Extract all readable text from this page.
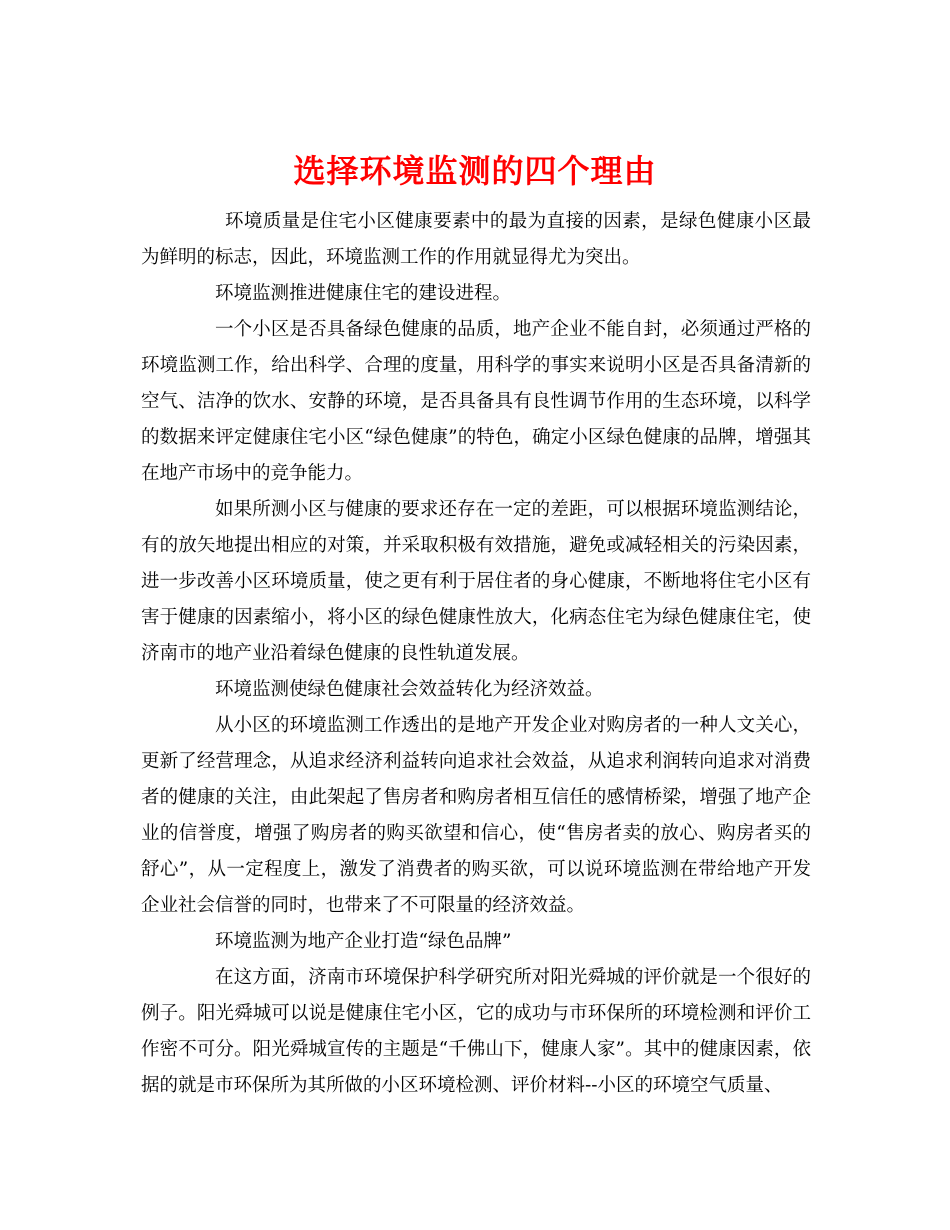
选择环境监测的四个理由

环境质量是住宅小区健康要素中的最为直接的因素，是绿色健康小区最为鲜明的标志，因此，环境监测工作的作用就显得尤为突出。

环境监测推进健康住宅的建设进程。

一个小区是否具备绿色健康的品质，地产企业不能自封，必须通过严格的环境监测工作，给出科学、合理的度量，用科学的事实来说明小区是否具备清新的空气、洁净的饮水、安静的环境，是否具备具有良性调节作用的生态环境，以科学的数据来评定健康住宅小区“绿色健康”的特色，确定小区绿色健康的品牌，增强其在地产市场中的竞争能力。

如果所测小区与健康的要求还存在一定的差距，可以根据环境监测结论，有的放矢地提出相应的对策，并采取积极有效措施，避免或减轻相关的污染因素，进一步改善小区环境质量，使之更有利于居住者的身心健康，不断地将住宅小区有害于健康的因素缩小，将小区的绿色健康性放大，化病态住宅为绿色健康住宅，使济南市的地产业沿着绿色健康的良性轨道发展。

环境监测使绿色健康社会效益转化为经济效益。

从小区的环境监测工作透出的是地产开发企业对购房者的一种人文关心，更新了经营理念，从追求经济利益转向追求社会效益，从追求利润转向追求对消费者的健康的关注，由此架起了售房者和购房者相互信任的感情桥梁，增强了地产企业的信誉度，增强了购房者的购买欲望和信心，使“售房者卖的放心、购房者买的舒心”，从一定程度上，激发了消费者的购买欲，可以说环境监测在带给地产开发企业社会信誉的同时，也带来了不可限量的经济效益。

环境监测为地产企业打造“绿色品牌”

在这方面，济南市环境保护科学研究所对阳光舜城的评价就是一个很好的例子。阳光舜城可以说是健康住宅小区，它的成功与市环保所的环境检测和评价工作密不可分。阳光舜城宣传的主题是“千佛山下，健康人家”。其中的健康因素，依据的就是市环保所为其所做的小区环境检测、评价材料--小区的环境空气质量、
